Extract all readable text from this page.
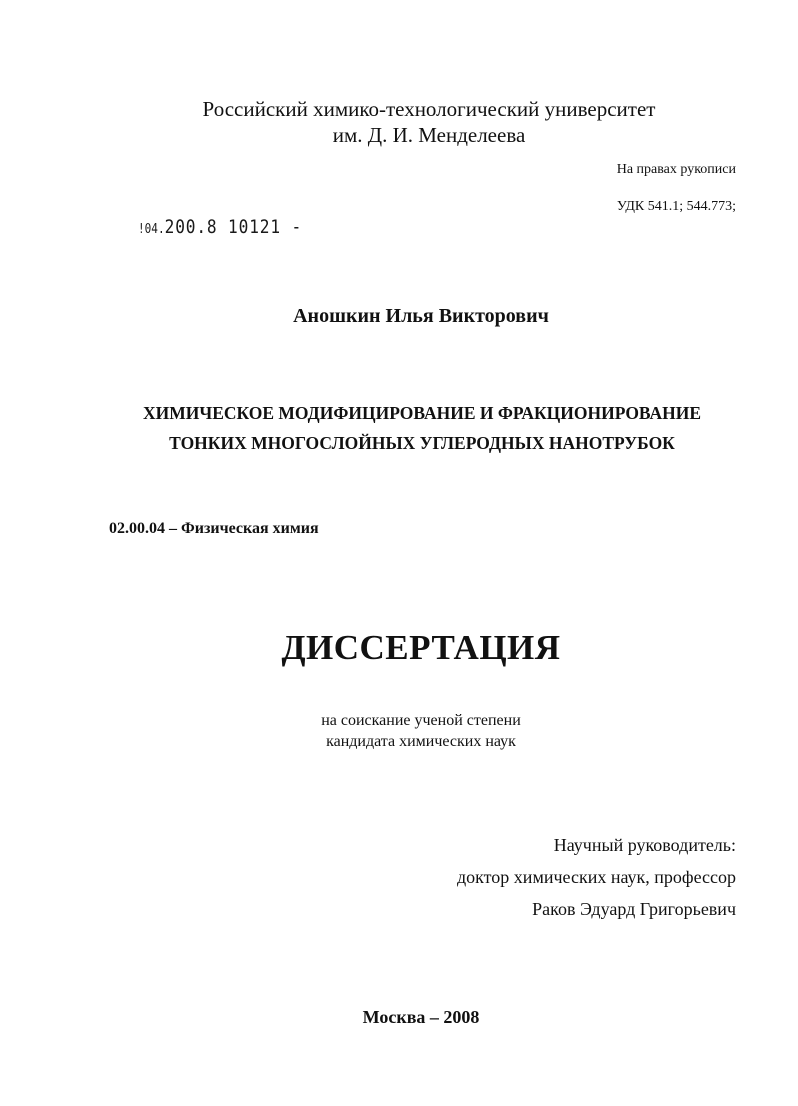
Российский химико-технологический университет
им. Д. И. Менделеева
На правах рукописи
УДК 541.1; 544.773;
!04.200.8 10121 -
Аношкин Илья Викторович
ХИМИЧЕСКОЕ МОДИФИЦИРОВАНИЕ И ФРАКЦИОНИРОВАНИЕ
ТОНКИХ МНОГОСЛОЙНЫХ УГЛЕРОДНЫХ НАНОТРУБОК
02.00.04 – Физическая химия
ДИССЕРТАЦИЯ
на соискание ученой степени
кандидата химических наук
Научный руководитель:
доктор химических наук, профессор
Раков Эдуард Григорьевич
Москва – 2008
